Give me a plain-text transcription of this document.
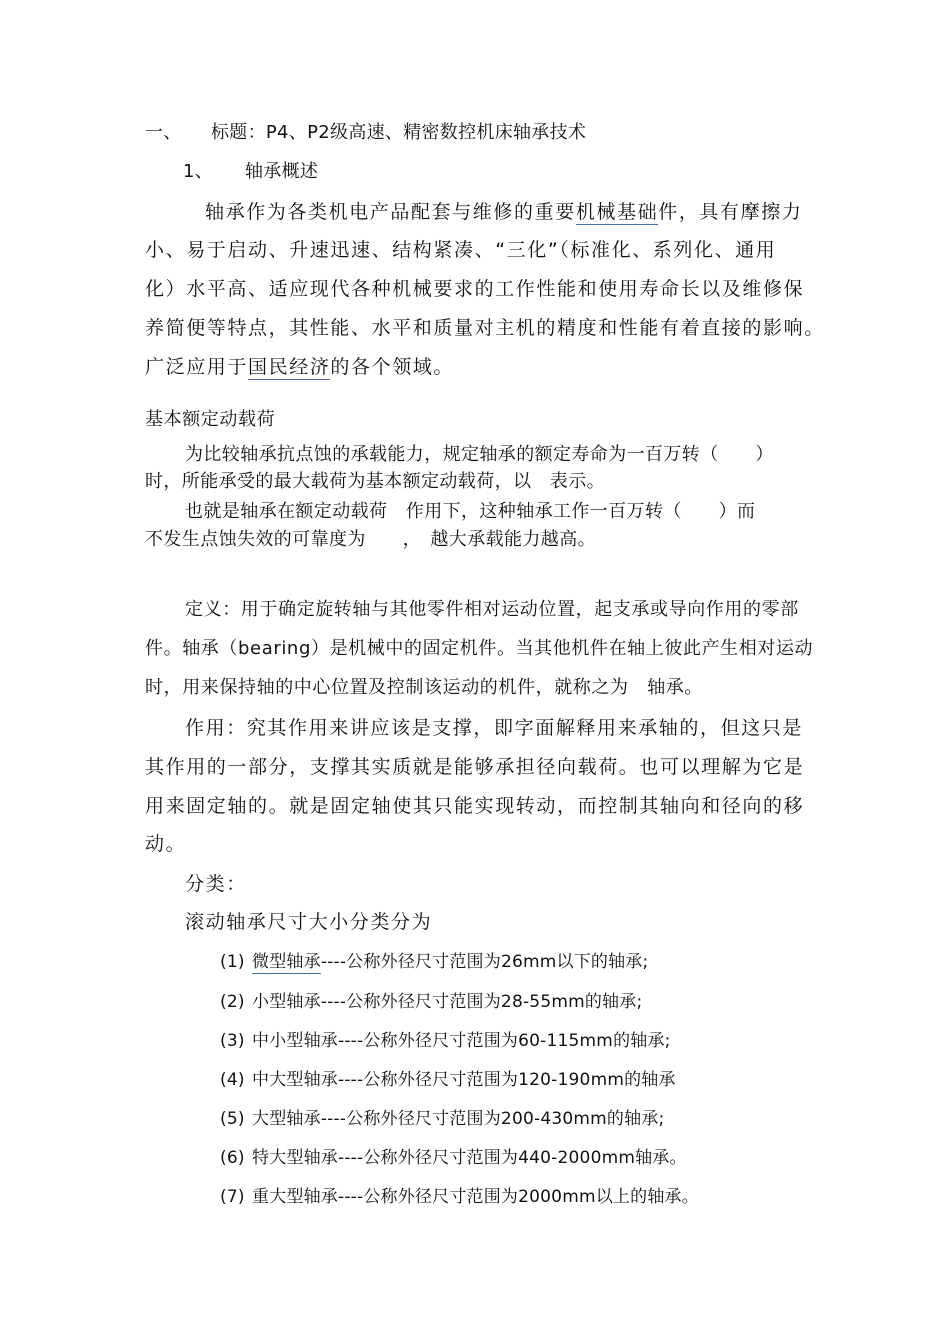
一、 标题：P4、P2级高速、精密数控机床轴承技术
1、 轴承概述
轴承作为各类机电产品配套与维修的重要机械基础件，具有摩擦力
小、易于启动、升速迅速、结构紧凑、“三化”（标准化、系列化、通用
化）水平高、适应现代各种机械要求的工作性能和使用寿命长以及维修保
养简便等特点，其性能、水平和质量对主机的精度和性能有着直接的影响。
广泛应用于国民经济的各个领域。
基本额定动载荷
为比较轴承抗点蚀的承载能力，规定轴承的额定寿命为一百万转（　　）
时，所能承受的最大载荷为基本额定动载荷，以　表示。
也就是轴承在额定动载荷　作用下，这种轴承工作一百万转（　　）而
不发生点蚀失效的可靠度为　　，　越大承载能力越高。
定义：用于确定旋转轴与其他零件相对运动位置，起支承或导向作用的零部
件。轴承（bearing）是机械中的固定机件。当其他机件在轴上彼此产生相对运动
时，用来保持轴的中心位置及控制该运动的机件，就称之为　轴承。
作用：究其作用来讲应该是支撑，即字面解释用来承轴的，但这只是
其作用的一部分，支撑其实质就是能够承担径向载荷。也可以理解为它是
用来固定轴的。就是固定轴使其只能实现转动，而控制其轴向和径向的移
动。
分类：
滚动轴承尺寸大小分类分为
(1) 微型轴承----公称外径尺寸范围为26mm以下的轴承;
(2) 小型轴承----公称外径尺寸范围为28-55mm的轴承;
(3) 中小型轴承----公称外径尺寸范围为60-115mm的轴承;
(4) 中大型轴承----公称外径尺寸范围为120-190mm的轴承
(5) 大型轴承----公称外径尺寸范围为200-430mm的轴承;
(6) 特大型轴承----公称外径尺寸范围为440-2000mm轴承。
(7) 重大型轴承----公称外径尺寸范围为2000mm以上的轴承。
